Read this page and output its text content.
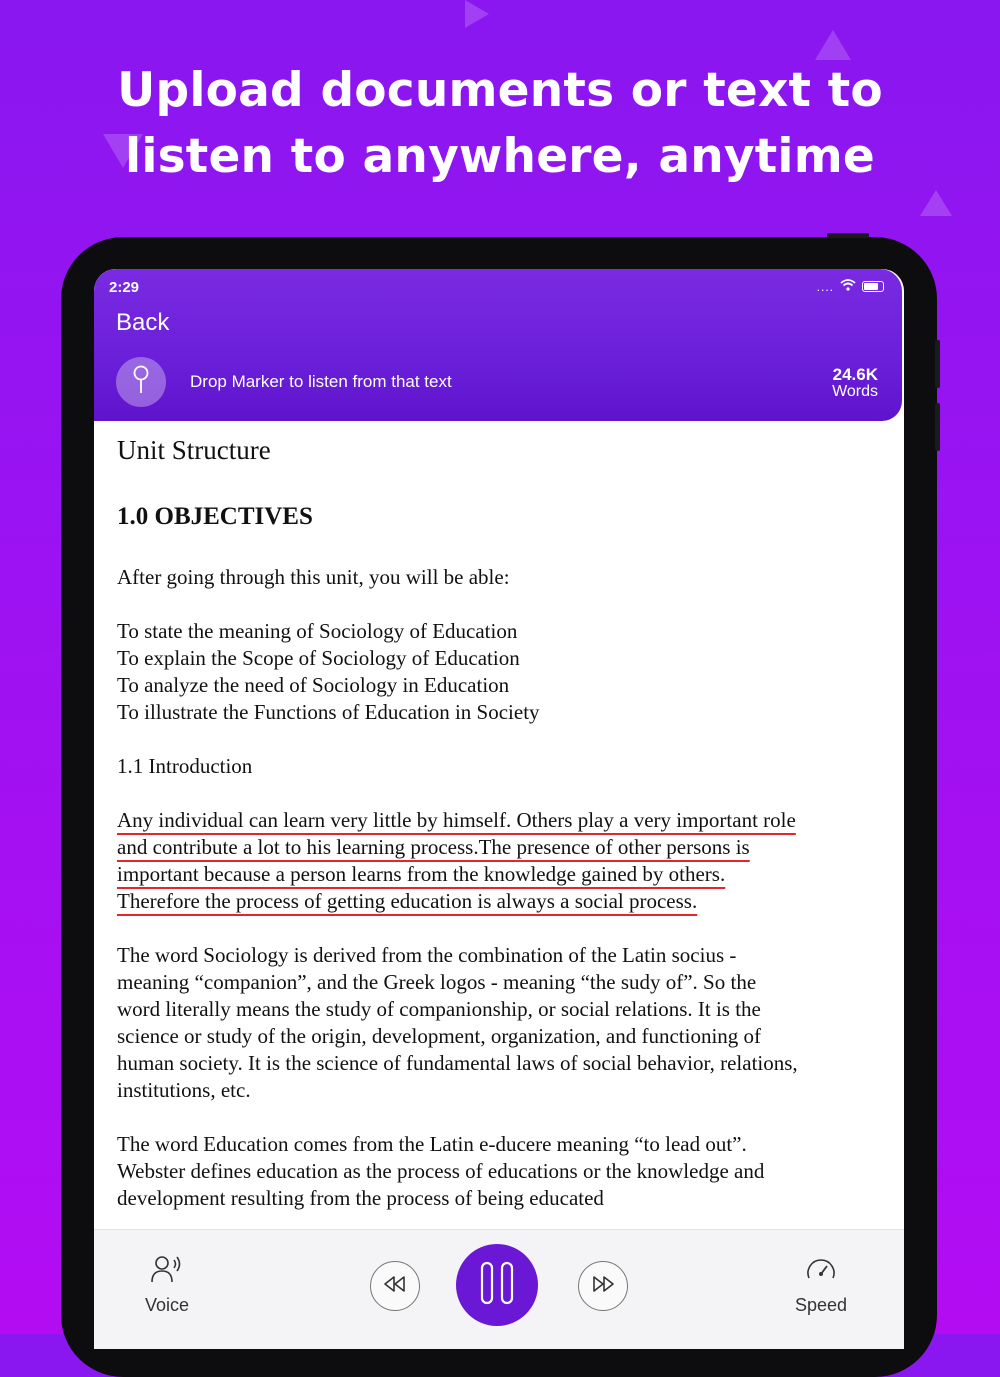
Upload documents or text to
listen to anywhere, anytime
2:29	....
Back
Drop Marker to listen from that text	24.6K
Words

Unit Structure

1.0 OBJECTIVES

After going through this unit, you will be able:

To state the meaning of Sociology of Education

To explain the Scope of Sociology of Education

To analyze the need of Sociology in Education

To illustrate the Functions of Education in Society

1.1 Introduction

Any individual can learn very little by himself. Others play a very important role
and contribute a lot to his learning process.The presence of other persons is
important because a person learns from the knowledge gained by others.
Therefore the process of getting education is always a social process.

The word Sociology is derived from the combination of the Latin socius -

meaning “companion”, and the Greek logos - meaning “the sudy of”. So the

word literally means the study of companionship, or social relations. It is the

science or study of the origin, development, organization, and functioning of

human society. It is the science of fundamental laws of social behavior, relations,

institutions, etc.

The word Education comes from the Latin e-ducere meaning “to lead out”.

Webster defines education as the process of educations or the knowledge and

development resulting from the process of being educated

Voice	Speed
